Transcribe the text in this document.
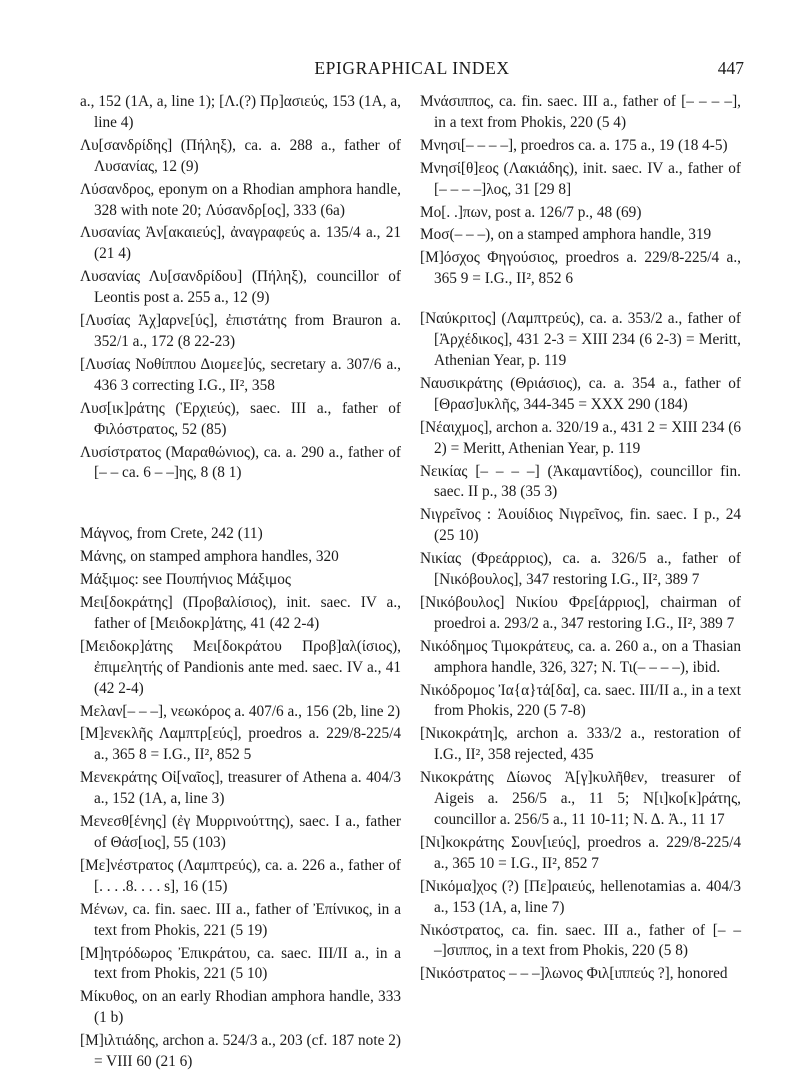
EPIGRAPHICAL INDEX	447

a., 152 (1A, a, line 1); [Λ.(?) Πρ]ασιεύς, 153 (1A, a, line 4)

Λυ[σανδρίδης] (Πήληξ), ca. a. 288 a., father of Λυσανίας, 12 (9)

Λύσανδρος, eponym on a Rhodian amphora handle, 328 with note 20; Λύσανδρ[ος], 333 (6a)

Λυσανίας Ἀν[ακαιεύς], ἀναγραφεύς a. 135/4 a., 21 (21 4)

Λυσανίας Λυ[σανδρίδου] (Πήληξ), councillor of Leontis post a. 255 a., 12 (9)

[Λυσίας Ἀχ]αρνε[ύς], ἐπιστάτης from Brauron a. 352/1 a., 172 (8 22-23)

[Λυσίας Νοθίππου Διομεε]ύς, secretary a. 307/6 a., 436 3 correcting I.G., II², 358

Λυσ[ικ]ράτης (Ἑρχιεύς), saec. III a., father of Φιλόστρατος, 52 (85)

Λυσίστρατος (Μαραθώνιος), ca. a. 290 a., father of [– – ca. 6 – –]ης, 8 (8 1)

Μάγνος, from Crete, 242 (11)

Μάνης, on stamped amphora handles, 320

Μάξιμος: see Πουπήνιος Μάξιμος

Μει[δοκράτης] (Προβαλίσιος), init. saec. IV a., father of [Μειδοκρ]άτης, 41 (42 2-4)

[Μειδοκρ]άτης Μει[δοκράτου Προβ]αλ(ίσιος), ἐπιμελητής of Pandionis ante med. saec. IV a., 41 (42 2-4)

Μελαν[– – –], νεωκόρος a. 407/6 a., 156 (2b, line 2)

[Μ]ενεκλῆς Λαμπτρ[εύς], proedros a. 229/8-225/4 a., 365 8 = I.G., II², 852 5

Μενεκράτης Οἰ[ναῖος], treasurer of Athena a. 404/3 a., 152 (1A, a, line 3)

Μενεσθ[ένης] (ἐγ Μυρρινούττης), saec. I a., father of Θάσ[ιος], 55 (103)

[Με]νέστρατος (Λαμπτρεύς), ca. a. 226 a., father of [. . . .8. . . . s], 16 (15)

Μένων, ca. fin. saec. III a., father of Ἐπίνικος, in a text from Phokis, 221 (5 19)

[Μ]ητρόδωρος Ἐπικράτου, ca. saec. III/II a., in a text from Phokis, 221 (5 10)

Μίκυθος, on an early Rhodian amphora handle, 333 (1 b)

[Μ]ιλτιάδης, archon a. 524/3 a., 203 (cf. 187 note 2) = VIII 60 (21 6)

Μνάσιππος, ca. fin. saec. III a., father of [– – – –], in a text from Phokis, 220 (5 4)

Μνησι[– – – –], proedros ca. a. 175 a., 19 (18 4-5)

Μνησί[θ]εος (Λακιάδης), init. saec. IV a., father of [– – – –]λος, 31 [29 8]

Μο[. .]πων, post a. 126/7 p., 48 (69)

Μοσ(– – –), on a stamped amphora handle, 319

[Μ]όσχος Φηγούσιος, proedros a. 229/8-225/4 a., 365 9 = I.G., II², 852 6

[Ναύκριτος] (Λαμπτρεύς), ca. a. 353/2 a., father of [Ἀρχέδικος], 431 2-3 = XIII 234 (6 2-3) = Meritt, Athenian Year, p. 119

Ναυσικράτης (Θριάσιος), ca. a. 354 a., father of [Θρασ]υκλῆς, 344-345 = XXX 290 (184)

[Νέαιχμος], archon a. 320/19 a., 431 2 = XIII 234 (6 2) = Meritt, Athenian Year, p. 119

Νεικίας [– – – –] (Ἀκαμαντίδος), councillor fin. saec. II p., 38 (35 3)

Νιγρεῖνος : Ἀουίδιος Νιγρεῖνος, fin. saec. I p., 24 (25 10)

Νικίας (Φρεάρριος), ca. a. 326/5 a., father of [Νικόβουλος], 347 restoring I.G., II², 389 7

[Νικόβουλος] Νικίου Φρε[άρριος], chairman of proedroi a. 293/2 a., 347 restoring I.G., II², 389 7

Νικόδημος Τιμοκράτευς, ca. a. 260 a., on a Thasian amphora handle, 326, 327; Ν. Τι(– – – –), ibid.

Νικόδρομος Ἰα{α}τά[δα], ca. saec. III/II a., in a text from Phokis, 220 (5 7-8)

[Νικοκράτη]ς, archon a. 333/2 a., restoration of I.G., II², 358 rejected, 435

Νικοκράτης Δίωνος Ἀ[γ]κυλῆθεν, treasurer of Aigeis a. 256/5 a., 11 5; Ν[ι]κο[κ]ράτης, councillor a. 256/5 a., 11 10-11; Ν. Δ. Ἀ., 11 17

[Νι]κοκράτης Σουν[ιεύς], proedros a. 229/8-225/4 a., 365 10 = I.G., II², 852 7

[Νικόμα]χος (?) [Πε]ραιεύς, hellenotamias a. 404/3 a., 153 (1A, a, line 7)

Νικόστρατος, ca. fin. saec. III a., father of [– – –]σιππος, in a text from Phokis, 220 (5 8)

[Νικόστρατος – – –]λωνος Φιλ[ιππεύς ?], honored
